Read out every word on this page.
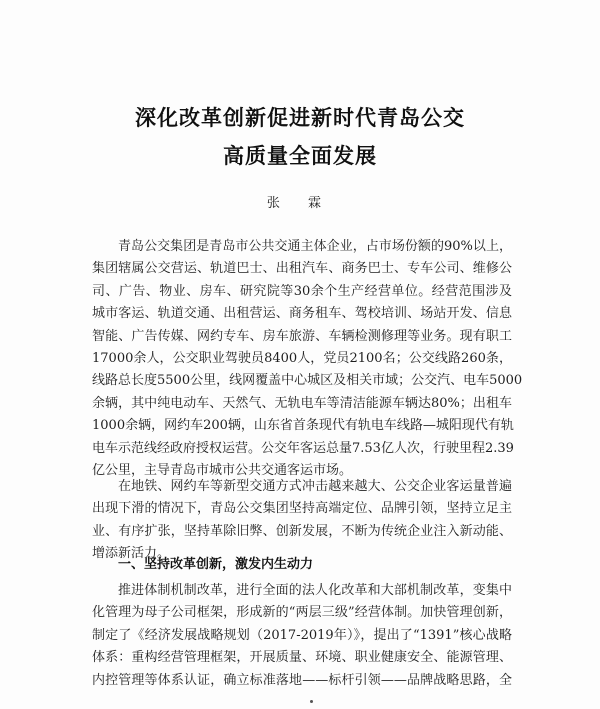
深化改革创新促进新时代青岛公交
高质量全面发展
张 霖
青岛公交集团是青岛市公共交通主体企业，占市场份额的90%以上，
集团辖属公交营运、轨道巴士、出租汽车、商务巴士、专车公司、维修公
司、广告、物业、房车、研究院等30余个生产经营单位。经营范围涉及
城市客运、轨道交通、出租营运、商务租车、驾校培训、场站开发、信息
智能、广告传媒、网约专车、房车旅游、车辆检测修理等业务。现有职工
17000余人，公交职业驾驶员8400人，党员2100名；公交线路260条，
线路总长度5500公里，线网覆盖中心城区及相关市域；公交汽、电车5000
余辆，其中纯电动车、天然气、无轨电车等清洁能源车辆达80%；出租车
1000余辆，网约车200辆，山东省首条现代有轨电车线路—城阳现代有轨
电车示范线经政府授权运营。公交年客运总量7.53亿人次，行驶里程2.39
亿公里，主导青岛市城市公共交通客运市场。
在地铁、网约车等新型交通方式冲击越来越大、公交企业客运量普遍
出现下滑的情况下，青岛公交集团坚持高端定位、品牌引领，坚持立足主
业、有序扩张，坚持革除旧弊、创新发展，不断为传统企业注入新动能、
增添新活力。
一、坚持改革创新，激发内生动力
推进体制机制改革，进行全面的法人化改革和大部机制改革，变集中
化管理为母子公司框架，形成新的“两层三级”经营体制。加快管理创新，
制定了《经济发展战略规划（2017-2019年）》，提出了“1391”核心战略
体系：重构经营管理框架，开展质量、环境、职业健康安全、能源管理、
内控管理等体系认证，确立标准落地——标杆引领——品牌战略思路，全
